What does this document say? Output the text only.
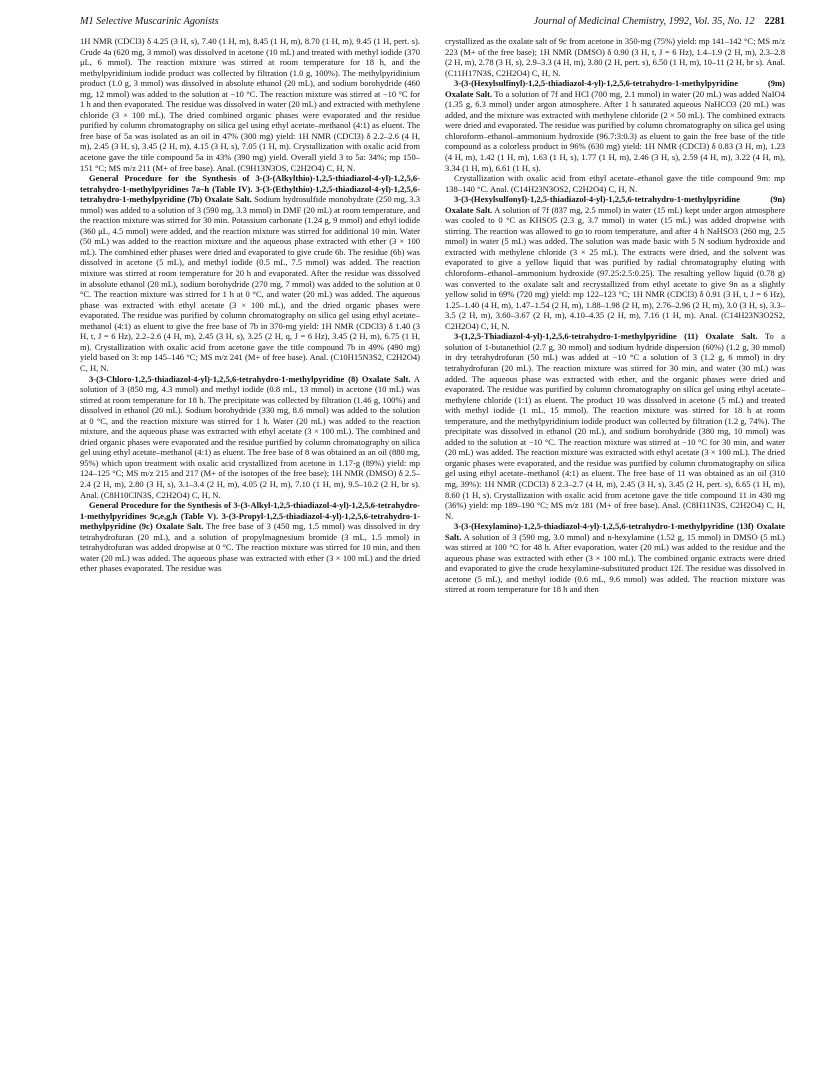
M1 Selective Muscarinic Agonists	Journal of Medicinal Chemistry, 1992, Vol. 35, No. 12 2281

1H NMR (CDCl3) δ 4.25 (3 H, s), 7.40 (1 H, m), 8.45 (1 H, m), 8.70 (1 H, m), 9.45 (1 H, pert. s). Crude 4a (620 mg, 3 mmol) was dissolved in acetone (10 mL) and treated with methyl iodide (370 μL, 6 mmol). The reaction mixture was stirred at room temperature for 18 h, and the methylpyridinium iodide product was collected by filtration (1.0 g, 100%). The methylpyridinium product (1.0 g, 3 mmol) was dissolved in absolute ethanol (20 mL), and sodium borohydride (460 mg, 12 mmol) was added to the solution at −10 °C. The reaction mixture was stirred at −10 °C for 1 h and then evaporated. The residue was dissolved in water (20 mL) and extracted with methylene chloride (3 × 100 mL). The dried combined organic phases were evaporated and the residue purified by column chromatography on silica gel using ethyl acetate–methanol (4:1) as eluent. The free base of 5a was isolated as an oil in 47% (300 mg) yield: 1H NMR (CDCl3) δ 2.2–2.6 (4 H, m), 2.45 (3 H, s), 3.45 (2 H, m), 4.15 (3 H, s), 7.05 (1 H, m). Crystallization with oxalic acid from acetone gave the title compound 5a in 43% (390 mg) yield. Overall yield 3 to 5a: 34%; mp 150–151 °C; MS m/z 211 (M+ of free base). Anal. (C9H13N3OS, C2H2O4) C, H, N.

General Procedure for the Synthesis of 3-(3-(Alkylthio)-1,2,5-thiadiazol-4-yl)-1,2,5,6-tetrahydro-1-methylpyridines 7a–h (Table IV). 3-(3-(Ethylthio)-1,2,5-thiadiazol-4-yl)-1,2,5,6-tetrahydro-1-methylpyridine (7b) Oxalate Salt. Sodium hydrosulfide monohydrate (250 mg, 3.3 mmol) was added to a solution of 3 (590 mg, 3.3 mmol) in DMF (20 mL) at room temperature, and the reaction mixture was stirred for 30 min. Potassium carbonate (1.24 g, 9 mmol) and ethyl iodide (360 μL, 4.5 mmol) were added, and the reaction mixture was stirred for additional 10 min. Water (50 mL) was added to the reaction mixture and the aqueous phase extracted with ether (3 × 100 mL). The combined ether phases were dried and evaporated to give crude 6b. The residue (6b) was dissolved in acetone (5 mL), and methyl iodide (0.5 mL, 7.5 mmol) was added. The reaction mixture was stirred at room temperature for 20 h and evaporated. After the residue was dissolved in absolute ethanol (20 mL), sodium borohydride (270 mg, 7 mmol) was added to the solution at 0 °C. The reaction mixture was stirred for 1 h at 0 °C, and water (20 mL) was added. The aqueous phase was extracted with ethyl acetate (3 × 100 mL), and the dried organic phases were evaporated. The residue was purified by column chromatography on silica gel using ethyl acetate–methanol (4:1) as eluent to give the free base of 7b in 370-mg yield: 1H NMR (CDCl3) δ 1.40 (3 H, t, J = 6 Hz), 2.2–2.6 (4 H, m), 2.45 (3 H, s), 3.25 (2 H, q, J = 6 Hz), 3.45 (2 H, m), 6.75 (1 H, m). Crystallization with oxalic acid from acetone gave the title compound 7b in 49% (490 mg) yield based on 3: mp 145–146 °C; MS m/z 241 (M+ of free base). Anal. (C10H15N3S2, C2H2O4) C, H, N.

3-(3-Chloro-1,2,5-thiadiazol-4-yl)-1,2,5,6-tetrahydro-1-methylpyridine (8) Oxalate Salt. A solution of 3 (850 mg, 4.3 mmol) and methyl iodide (0.8 mL, 13 mmol) in acetone (10 mL) was stirred at room temperature for 18 h. The precipitate was collected by filtration (1.46 g, 100%) and dissolved in ethanol (20 mL). Sodium borohydride (330 mg, 8.6 mmol) was added to the solution at 0 °C, and the reaction mixture was stirred for 1 h. Water (20 mL) was added to the reaction mixture, and the aqueous phase was extracted with ethyl acetate (3 × 100 mL). The combined and dried organic phases were evaporated and the residue purified by column chromatography on silica gel using ethyl acetate–methanol (4:1) as eluent. The free base of 8 was obtained as an oil (880 mg, 95%) which upon treatment with oxalic acid crystallized from acetone in 1.17-g (89%) yield: mp 124–125 °C; MS m/z 215 and 217 (M+ of the isotopes of the free base); 1H NMR (DMSO) δ 2.5–2.4 (2 H, m), 2.80 (3 H, s), 3.1–3.4 (2 H, m), 4.05 (2 H, m), 7.10 (1 H, m), 9.5–10.2 (2 H, br s). Anal. (C8H10ClN3S, C2H2O4) C, H, N.

General Procedure for the Synthesis of 3-(3-Alkyl-1,2,5-thiadiazol-4-yl)-1,2,5,6-tetrahydro-1-methylpyridines 9c,e,g,h (Table V). 3-(3-Propyl-1,2,5-thiadiazol-4-yl)-1,2,5,6-tetrahydro-1-methylpyridine (9c) Oxalate Salt. The free base of 3 (450 mg, 1.5 mmol) was dissolved in dry tetrahydrofuran (20 mL), and a solution of propylmagnesium bromide (3 mL, 1.5 mmol) in tetrahydrofuran was added dropwise at 0 °C. The reaction mixture was stirred for 10 min, and then water (20 mL) was added. The aqueous phase was extracted with ether (3 × 100 mL) and the dried ether phases evaporated. The residue was

crystallized as the oxalate salt of 9c from acetone in 350-mg (75%) yield: mp 141–142 °C; MS m/z 223 (M+ of the free base); 1H NMR (DMSO) δ 0.90 (3 H, t, J = 6 Hz), 1.4–1.9 (2 H, m), 2.3–2.8 (2 H, m), 2.78 (3 H, s), 2.9–3.3 (4 H, m), 3.80 (2 H, pert. s), 6.50 (1 H, m), 10–11 (2 H, br s). Anal. (C11H17N3S, C2H2O4) C, H, N.

3-(3-(Hexylsulfinyl)-1,2,5-thiadiazol-4-yl)-1,2,5,6-tetrahydro-1-methylpyridine (9m) Oxalate Salt. To a solution of 7f and HCl (700 mg, 2.1 mmol) in water (20 mL) was added NaIO4 (1.35 g, 6.3 mmol) under argon atmosphere. After 1 h saturated aqueous NaHCO3 (20 mL) was added, and the mixture was extracted with methylene chloride (2 × 50 mL). The combined extracts were dried and evaporated. The residue was purified by column chromatography on silica gel using chloroform–ethanol–ammonium hydroxide (96.7:3:0.3) as eluent to gain the free base of the title compound as a colorless product in 96% (630 mg) yield: 1H NMR (CDCl3) δ 0.83 (3 H, m), 1.23 (4 H, m), 1.42 (1 H, m), 1.63 (1 H, s), 1.77 (1 H, m), 2.46 (3 H, s), 2.59 (4 H, m), 3.22 (4 H, m), 3.34 (1 H, m), 6.61 (1 H, s).

Crystallization with oxalic acid from ethyl acetate–ethanol gave the title compound 9m: mp 138–140 °C. Anal. (C14H23N3OS2, C2H2O4) C, H, N.

3-(3-(Hexylsulfonyl)-1,2,5-thiadiazol-4-yl)-1,2,5,6-tetrahydro-1-methylpyridine (9n) Oxalate Salt. A solution of 7f (837 mg, 2.5 mmol) in water (15 mL) kept under argon atmosphere was cooled to 0 °C as KHSO5 (2.3 g, 3.7 mmol) in water (15 mL) was added dropwise with stirring. The reaction was allowed to go to room temperature, and after 4 h NaHSO3 (260 mg, 2.5 mmol) in water (5 mL) was added. The solution was made basic with 5 N sodium hydroxide and extracted with methylene chloride (3 × 25 mL). The extracts were dried, and the solvent was evaporated to give a yellow liquid that was purified by radial chromatography eluting with chloroform–ethanol–ammonium hydroxide (97.25:2.5:0.25). The resulting yellow liquid (0.78 g) was converted to the oxalate salt and recrystallized from ethyl acetate to give 9n as a slightly yellow solid in 69% (720 mg) yield: mp 122–123 °C; 1H NMR (CDCl3) δ 0.91 (3 H, t, J = 6 Hz), 1.25–1.40 (4 H, m), 1.47–1.54 (2 H, m), 1.88–1.98 (2 H, m), 2.76–2.96 (2 H, m), 3.0 (3 H, s), 3.3–3.5 (2 H, m), 3.60–3.67 (2 H, m), 4.10–4.35 (2 H, m), 7.16 (1 H, m). Anal. (C14H23N3O2S2, C2H2O4) C, H, N.

3-(1,2,5-Thiadiazol-4-yl)-1,2,5,6-tetrahydro-1-methylpyridine (11) Oxalate Salt. To a solution of 1-butanethiol (2.7 g, 30 mmol) and sodium hydride dispersion (60%) (1.2 g, 30 mmol) in dry tetrahydrofuran (50 mL) was added at −10 °C a solution of 3 (1.2 g, 6 mmol) in dry tetrahydrofuran (20 mL). The reaction mixture was stirred for 30 min, and water (30 mL) was added. The aqueous phase was extracted with ether, and the organic phases were dried and evaporated. The residue was purified by column chromatography on silica gel using ethyl acetate–methylene chloride (1:1) as eluent. The product 10 was dissolved in acetone (5 mL) and treated with methyl iodide (1 mL, 15 mmol). The reaction mixture was stirred for 18 h at room temperature, and the methylpyridinium iodide product was collected by filtration (1.2 g, 74%). The precipitate was dissolved in ethanol (20 mL), and sodium borohydride (380 mg, 10 mmol) was added to the solution at −10 °C. The reaction mixture was stirred at −10 °C for 30 min, and water (20 mL) was added. The reaction mixture was extracted with ethyl acetate (3 × 100 mL). The dried organic phases were evaporated, and the residue was purified by column chromatography on silica gel using ethyl acetate–methanol (4:1) as eluent. The free base of 11 was obtained as an oil (310 mg, 39%): 1H NMR (CDCl3) δ 2.3–2.7 (4 H, m), 2.45 (3 H, s), 3.45 (2 H, pert. s), 6.65 (1 H, m), 8.60 (1 H, s). Crystallization with oxalic acid from acetone gave the title compound 11 in 430 mg (36%) yield: mp 189–190 °C; MS m/z 181 (M+ of free base). Anal. (C8H11N3S, C2H2O4) C, H, N.

3-(3-(Hexylamino)-1,2,5-thiadiazol-4-yl)-1,2,5,6-tetrahydro-1-methylpyridine (13f) Oxalate Salt. A solution of 3 (590 mg, 3.0 mmol) and n-hexylamine (1.52 g, 15 mmol) in DMSO (5 mL) was stirred at 100 °C for 48 h. After evaporation, water (20 mL) was added to the residue and the aqueous phase was extracted with ether (3 × 100 mL). The combined organic extracts were dried and evaporated to give the crude hexylamine-substituted product 12f. The residue was dissolved in acetone (5 mL), and methyl iodide (0.6 mL, 9.6 mmol) was added. The reaction mixture was stirred at room temperature for 18 h and then
